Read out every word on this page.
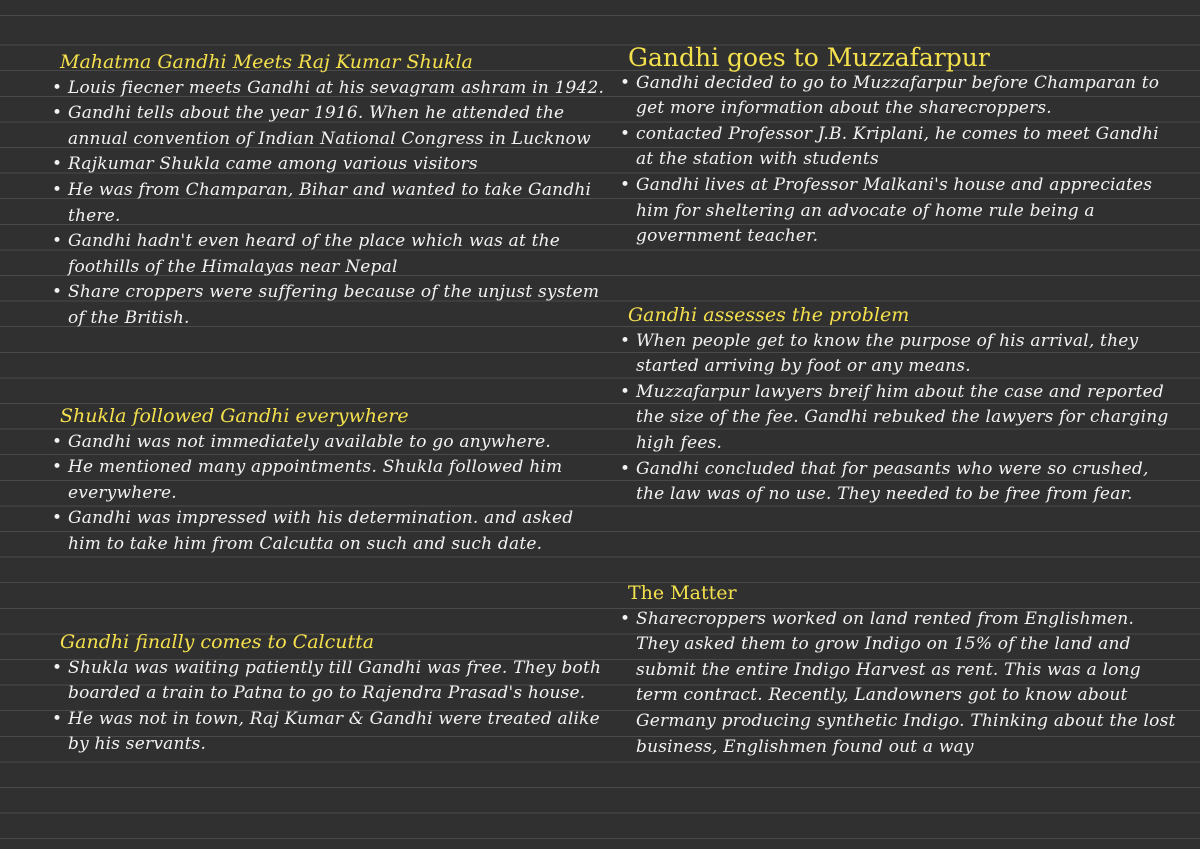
Mahatma Gandhi Meets Raj Kumar Shukla
• Louis fiecner meets Gandhi at his sevagram ashram in 1942.
• Gandhi tells about the year 1916. When he attended the annual convention of Indian National Congress in Lucknow
• Rajkumar Shukla came among various visitors
• He was from Champaran, Bihar and wanted to take Gandhi there.
• Gandhi hadn't even heard of the place which was at the foothills of the Himalayas near Nepal
• Share croppers were suffering because of the unjust system of the British.
Shukla followed Gandhi everywhere
• Gandhi was not immediately available to go anywhere.
• He mentioned many appointments. Shukla followed him everywhere.
• Gandhi was impressed with his determination. and asked him to take him from Calcutta on such and such date.
Gandhi finally comes to Calcutta
• Shukla was waiting patiently till Gandhi was free. They both boarded a train to Patna to go to Rajendra Prasad's house.
• He was not in town, Raj Kumar & Gandhi were treated alike by his servants.
Gandhi goes to Muzzafarpur
• Gandhi decided to go to Muzzafarpur before Champaran to get more information about the sharecroppers.
• contacted Professor J.B. Kriplani, he comes to meet Gandhi at the station with students
• Gandhi lives at Professor Malkani's house and appreciates him for sheltering an advocate of home rule being a government teacher.
Gandhi assesses the problem
• When people get to know the purpose of his arrival, they started arriving by foot or any means.
• Muzzafarpur lawyers breif him about the case and reported the size of the fee. Gandhi rebuked the lawyers for charging high fees.
• Gandhi concluded that for peasants who were so crushed, the law was of no use. They needed to be free from fear.
The Matter
• Sharecroppers worked on land rented from Englishmen. They asked them to grow Indigo on 15% of the land and submit the entire Indigo Harvest as rent. This was a long term contract. Recently, Landowners got to know about Germany producing synthetic Indigo. Thinking about the lost business, Englishmen found out a way
